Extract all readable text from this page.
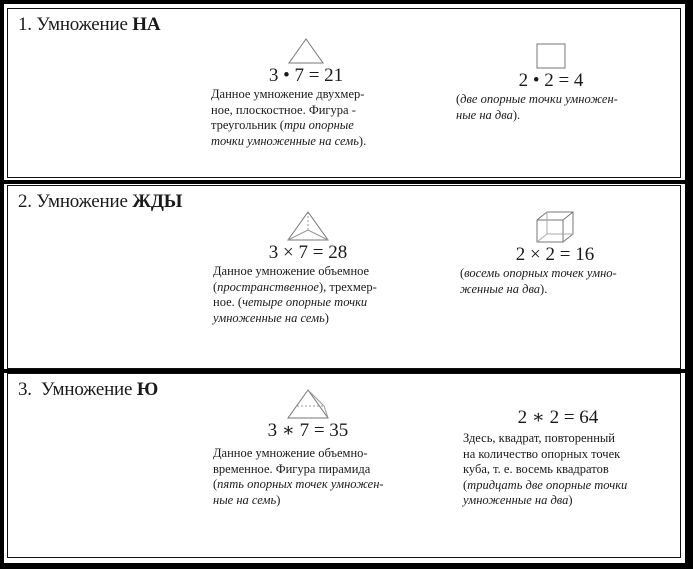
1. Умножение НА
3 • 7 = 21
Данное умножение двухмер-
ное, плоскостное. Фигура -
треугольник (три опорные
точки умноженные на семь).
2 • 2 = 4
(две опорные точки умножен-
ные на два).
2. Умножение ЖДЫ
3 × 7 = 28
Данное умножение объемное
(пространственное), трехмер-
ное. (четыре опорные точки
умноженные на семь)
2 × 2 = 16
(восемь опорных точек умно-
женные на два).
3. Умножение Ю
3 ∗ 7 = 35
Данное умножение объемно-
временное. Фигура пирамида
(пять опорных точек умножен-
ные на семь)
2 ∗ 2 = 64
Здесь, квадрат, повторенный
на количество опорных точек
куба, т. е. восемь квадратов
(тридцать две опорные точки
умноженные на два)
